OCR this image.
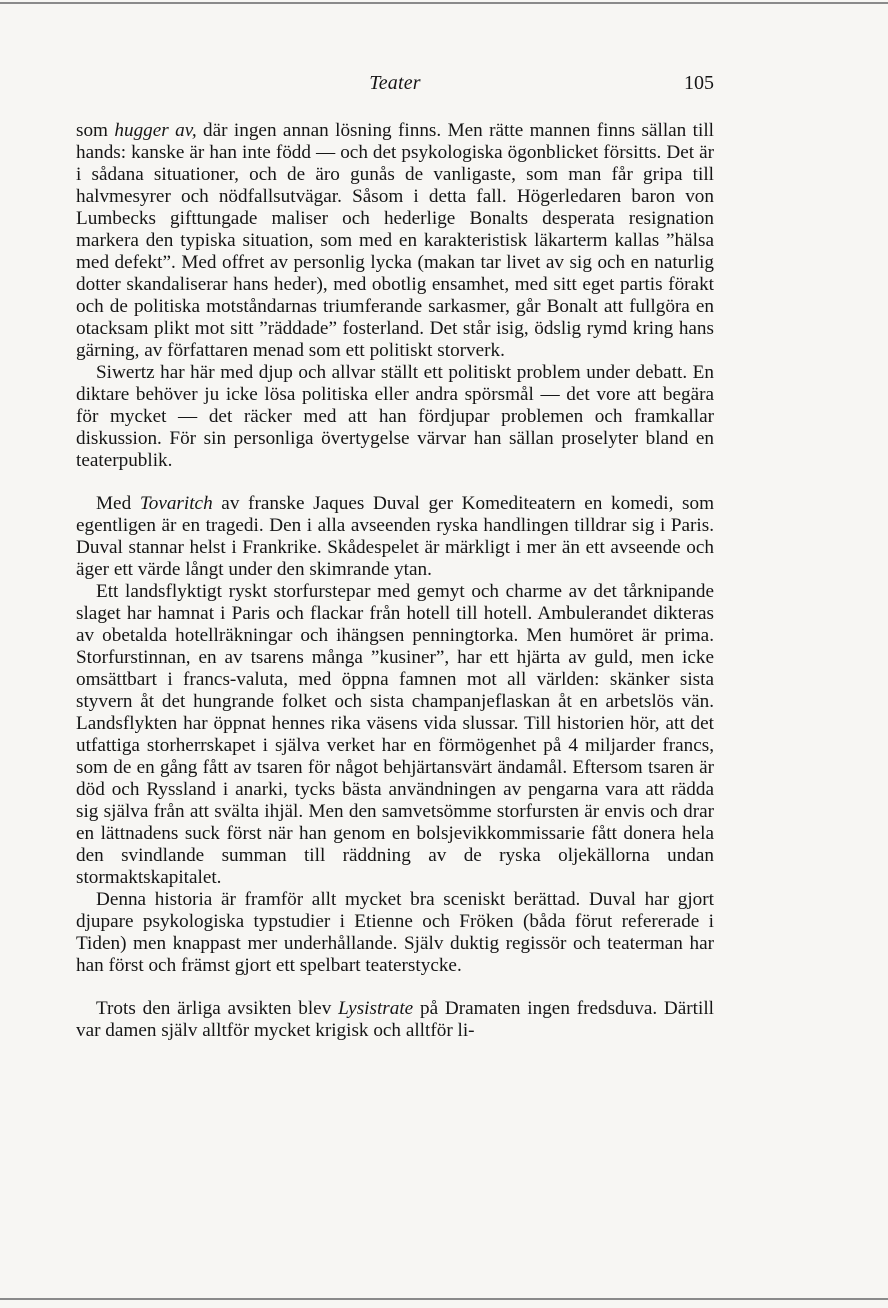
Teater	105

som hugger av, där ingen annan lösning finns. Men rätte mannen finns sällan till hands: kanske är han inte född — och det psykologiska ögonblicket försitts. Det är i sådana situationer, och de äro gunås de vanligaste, som man får gripa till halvmesyrer och nödfallsutvägar. Såsom i detta fall. Högerledaren baron von Lumbecks gifttungade maliser och hederlige Bonalts desperata resignation markera den typiska situation, som med en karakteristisk läkarterm kallas ”hälsa med defekt”. Med offret av personlig lycka (makan tar livet av sig och en naturlig dotter skandaliserar hans heder), med obotlig ensamhet, med sitt eget partis förakt och de politiska motståndarnas triumferande sarkasmer, går Bonalt att fullgöra en otacksam plikt mot sitt ”räddade” fosterland. Det står isig, ödslig rymd kring hans gärning, av författaren menad som ett politiskt storverk.

Siwertz har här med djup och allvar ställt ett politiskt problem under debatt. En diktare behöver ju icke lösa politiska eller andra spörsmål — det vore att begära för mycket — det räcker med att han fördjupar problemen och framkallar diskussion. För sin personliga övertygelse värvar han sällan proselyter bland en teaterpublik.

Med Tovaritch av franske Jaques Duval ger Komediteatern en komedi, som egentligen är en tragedi. Den i alla avseenden ryska handlingen tilldrar sig i Paris. Duval stannar helst i Frankrike. Skådespelet är märkligt i mer än ett avseende och äger ett värde långt under den skimrande ytan.

Ett landsflyktigt ryskt storfurstepar med gemyt och charme av det tårknipande slaget har hamnat i Paris och flackar från hotell till hotell. Ambulerandet dikteras av obetalda hotellräkningar och ihängsen penningtorka. Men humöret är prima. Storfurstinnan, en av tsarens många ”kusiner”, har ett hjärta av guld, men icke omsättbart i francs-valuta, med öppna famnen mot all världen: skänker sista styvern åt det hungrande folket och sista champanjeflaskan åt en arbetslös vän. Landsflykten har öppnat hennes rika väsens vida slussar. Till historien hör, att det utfattiga storherrskapet i själva verket har en förmögenhet på 4 miljarder francs, som de en gång fått av tsaren för något behjärtansvärt ändamål. Eftersom tsaren är död och Ryssland i anarki, tycks bästa användningen av pengarna vara att rädda sig själva från att svälta ihjäl. Men den samvetsömme storfursten är envis och drar en lättnadens suck först när han genom en bolsjevikkommissarie fått donera hela den svindlande summan till räddning av de ryska oljekällorna undan stormaktskapitalet.

Denna historia är framför allt mycket bra sceniskt berättad. Duval har gjort djupare psykologiska typstudier i Etienne och Fröken (båda förut refererade i Tiden) men knappast mer underhållande. Själv duktig regissör och teaterman har han först och främst gjort ett spelbart teaterstycke.

Trots den ärliga avsikten blev Lysistrate på Dramaten ingen fredsduva. Därtill var damen själv alltför mycket krigisk och alltför li-
